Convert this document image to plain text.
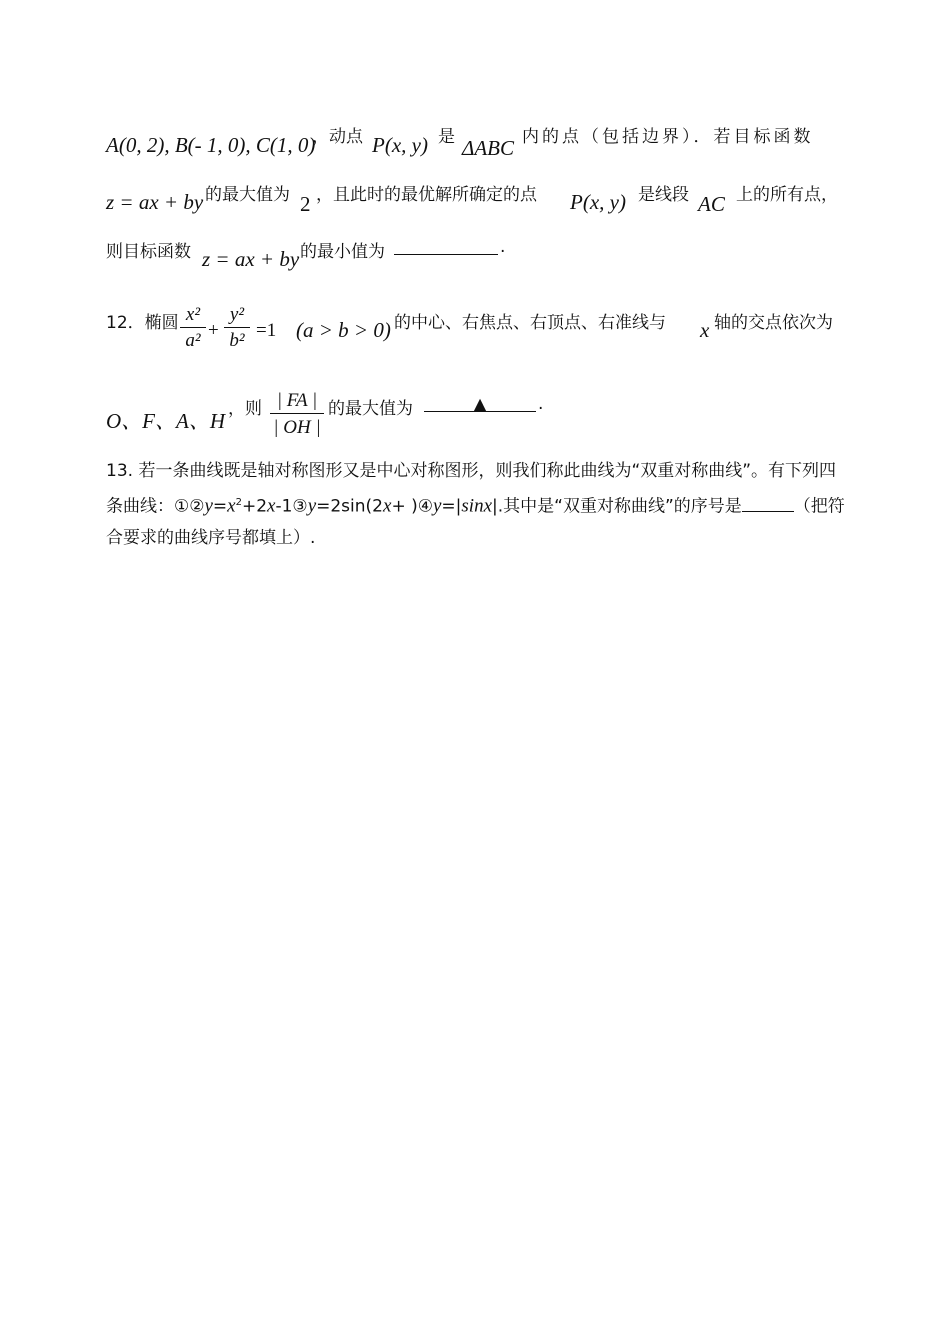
A(0, 2), B(- 1, 0), C(1, 0)
，动点 P(x, y) 是 ΔABC 内的点（包括边界）．若目标函数
z = ax + by 的最大值为 2 ，且此时的最优解所确定的点 P(x, y) 是线段 AC 上的所有点，
则目标函数 z = ax + by 的最小值为	.
12．椭圆 x²
a² +
y²
b² =1 (a > b > 0) 的中心、右焦点、右顶点、右准线与 x 轴的交点依次为
O、F、A、H ，则 | FA |
| OH |
的最大值为	▲	.
13. 若一条曲线既是轴对称图形又是中心对称图形，则我们称此曲线为“双重对称曲线”。有下列四条曲线：$①②y=x^2+2x-1③y=2\sin(2x+$ )④y=|sinx|.其中是“双重对称曲线”的序号是	（把符合要求的曲线序号都填上）.
